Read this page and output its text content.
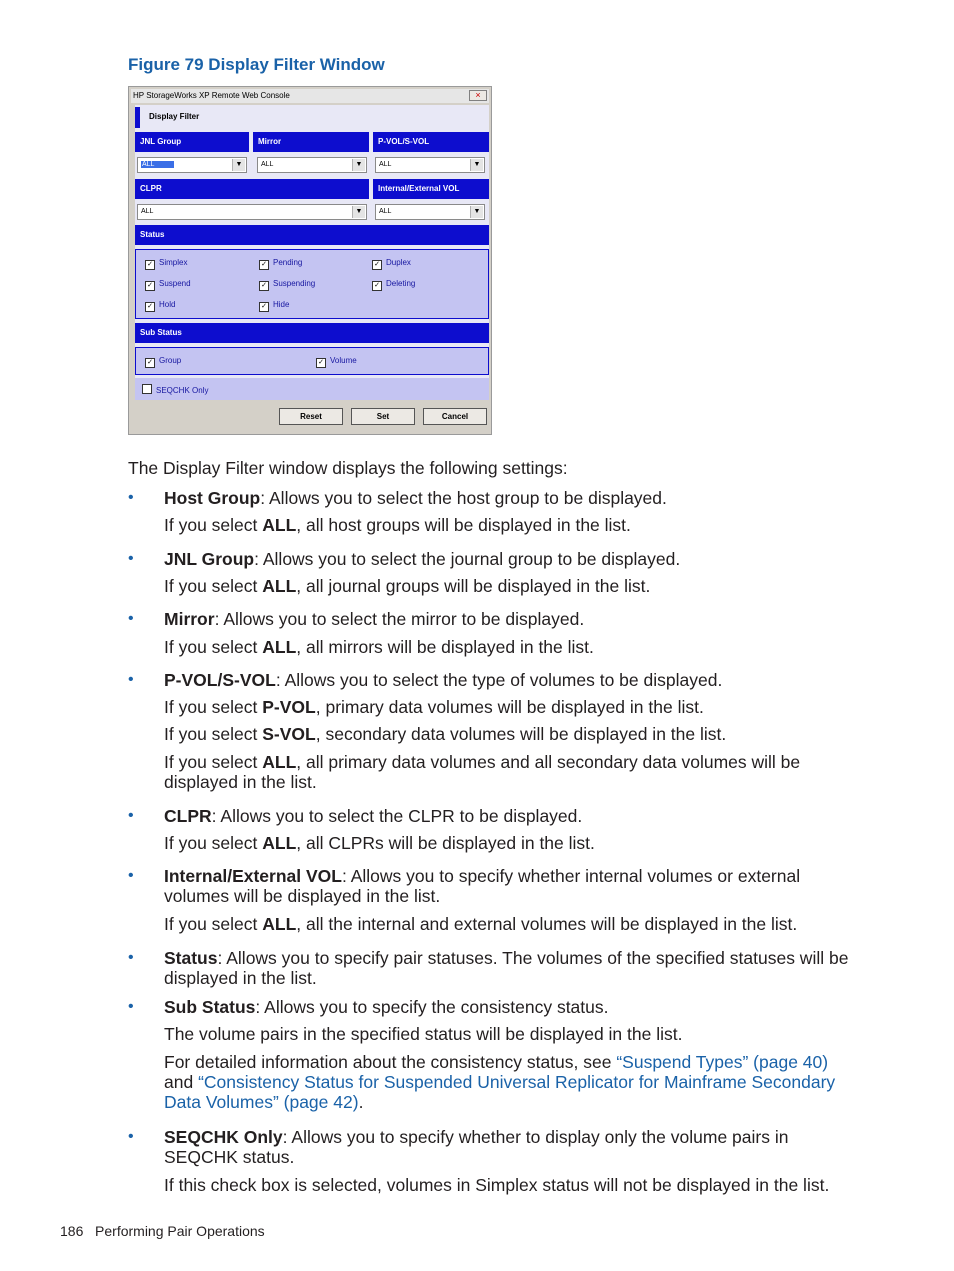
Figure 79 Display Filter Window
HP StorageWorks XP Remote Web Console	×
Display Filter
JNL Group	Mirror	P-VOL/S-VOL
ALL	▼	ALL	▼	ALL	▼
CLPR	Internal/External VOL
ALL	▼	ALL	▼
Status
✓ Simplex	✓ Pending	✓ Duplex
✓ Suspend	✓ Suspending	✓ Deleting
✓ Hold	✓ Hide
Sub Status
✓ Group	✓ Volume
SEQCHK Only
Reset	Set	Cancel
The Display Filter window displays the following settings:
• Host Group: Allows you to select the host group to be displayed.
If you select ALL, all host groups will be displayed in the list.
• JNL Group: Allows you to select the journal group to be displayed.
If you select ALL, all journal groups will be displayed in the list.
• Mirror: Allows you to select the mirror to be displayed.
If you select ALL, all mirrors will be displayed in the list.
• P-VOL/S-VOL: Allows you to select the type of volumes to be displayed.
If you select P-VOL, primary data volumes will be displayed in the list.
If you select S-VOL, secondary data volumes will be displayed in the list.
If you select ALL, all primary data volumes and all secondary data volumes will be displayed in the list.
• CLPR: Allows you to select the CLPR to be displayed.
If you select ALL, all CLPRs will be displayed in the list.
• Internal/External VOL: Allows you to specify whether internal volumes or external volumes will be displayed in the list.
If you select ALL, all the internal and external volumes will be displayed in the list.
• Status: Allows you to specify pair statuses. The volumes of the specified statuses will be displayed in the list.
• Sub Status: Allows you to specify the consistency status.
The volume pairs in the specified status will be displayed in the list.
For detailed information about the consistency status, see “Suspend Types” (page 40) and “Consistency Status for Suspended Universal Replicator for Mainframe Secondary Data Volumes” (page 42).
• SEQCHK Only: Allows you to specify whether to display only the volume pairs in SEQCHK status.
If this check box is selected, volumes in Simplex status will not be displayed in the list.
186 Performing Pair Operations
